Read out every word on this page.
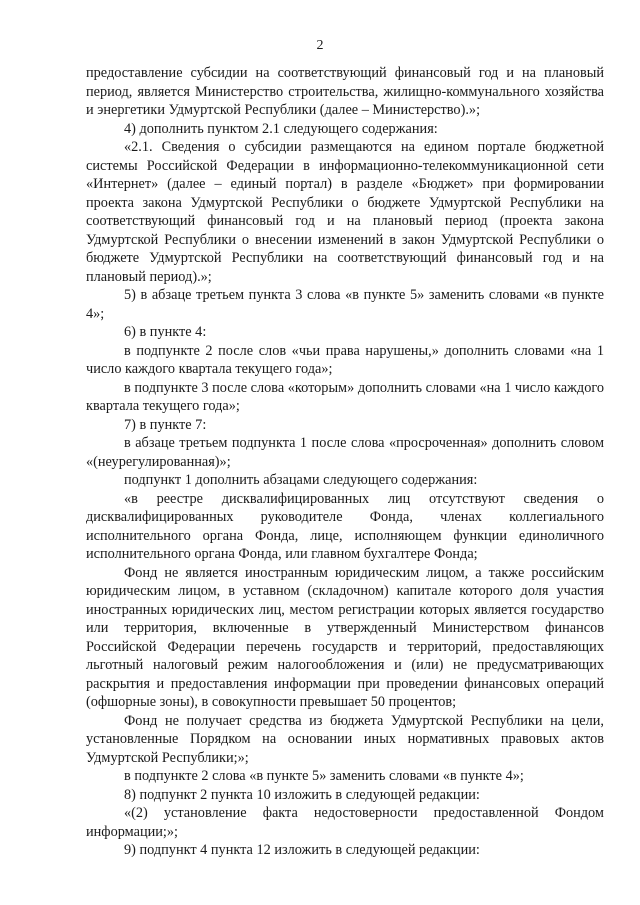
2

предоставление субсидии на соответствующий финансовый год и на плановый период, является Министерство строительства, жилищно-коммунального хозяйства и энергетики Удмуртской Республики (далее – Министерство).»;

4) дополнить пунктом 2.1 следующего содержания:

«2.1. Сведения о субсидии размещаются на едином портале бюджетной системы Российской Федерации в информационно-телекоммуникационной сети «Интернет» (далее – единый портал) в разделе «Бюджет» при формировании проекта закона Удмуртской Республики о бюджете Удмуртской Республики на соответствующий финансовый год и на плановый период (проекта закона Удмуртской Республики о внесении изменений в закон Удмуртской Республики о бюджете Удмуртской Республики на соответствующий финансовый год и на плановый период).»;

5) в абзаце третьем пункта 3 слова «в пункте 5» заменить словами «в пункте 4»;

6) в пункте 4:

в подпункте 2 после слов «чьи права нарушены,» дополнить словами «на 1 число каждого квартала текущего года»;

в подпункте 3 после слова «которым» дополнить словами «на 1 число каждого квартала текущего года»;

7) в пункте 7:

в абзаце третьем подпункта 1 после слова «просроченная» дополнить словом «(неурегулированная)»;

подпункт 1 дополнить абзацами следующего содержания:

«в реестре дисквалифицированных лиц отсутствуют сведения о дисквалифицированных руководителе Фонда, членах коллегиального исполнительного органа Фонда, лице, исполняющем функции единоличного исполнительного органа Фонда, или главном бухгалтере Фонда;

Фонд не является иностранным юридическим лицом, а также российским юридическим лицом, в уставном (складочном) капитале которого доля участия иностранных юридических лиц, местом регистрации которых является государство или территория, включенные в утвержденный Министерством финансов Российской Федерации перечень государств и территорий, предоставляющих льготный налоговый режим налогообложения и (или) не предусматривающих раскрытия и предоставления информации при проведении финансовых операций (офшорные зоны), в совокупности превышает 50 процентов;

Фонд не получает средства из бюджета Удмуртской Республики на цели, установленные Порядком на основании иных нормативных правовых актов Удмуртской Республики;»;

в подпункте 2 слова «в пункте 5» заменить словами «в пункте 4»;

8) подпункт 2 пункта 10 изложить в следующей редакции:

«(2) установление факта недостоверности предоставленной Фондом информации;»;

9) подпункт 4 пункта 12 изложить в следующей редакции:
